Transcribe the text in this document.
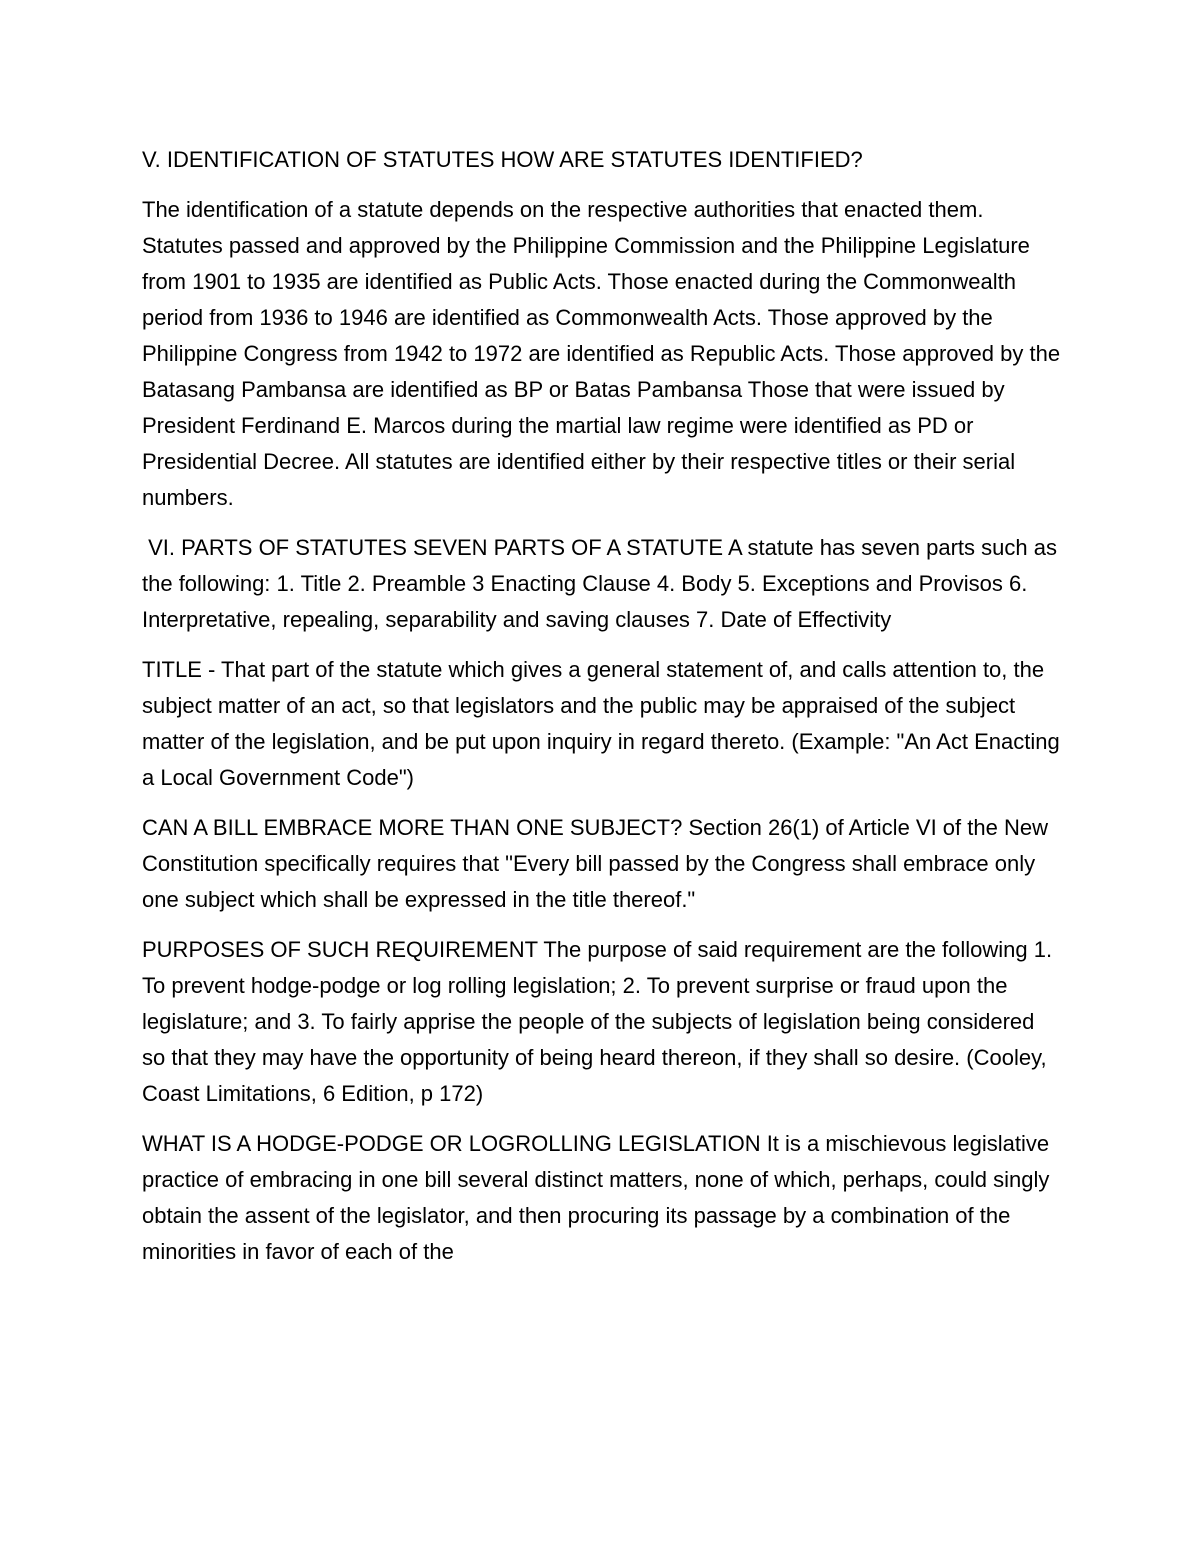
V. IDENTIFICATION OF STATUTES HOW ARE STATUTES IDENTIFIED?

The identification of a statute depends on the respective authorities that enacted them. Statutes passed and approved by the Philippine Commission and the Philippine Legislature from 1901 to 1935 are identified as Public Acts. Those enacted during the Commonwealth period from 1936 to 1946 are identified as Commonwealth Acts. Those approved by the Philippine Congress from 1942 to 1972 are identified as Republic Acts. Those approved by the Batasang Pambansa are identified as BP or Batas Pambansa Those that were issued by President Ferdinand E. Marcos during the martial law regime were identified as PD or Presidential Decree. All statutes are identified either by their respective titles or their serial numbers.

VI. PARTS OF STATUTES SEVEN PARTS OF A STATUTE A statute has seven parts such as the following: 1. Title 2. Preamble 3 Enacting Clause 4. Body 5. Exceptions and Provisos 6. Interpretative, repealing, separability and saving clauses 7. Date of Effectivity

TITLE - That part of the statute which gives a general statement of, and calls attention to, the subject matter of an act, so that legislators and the public may be appraised of the subject matter of the legislation, and be put upon inquiry in regard thereto. (Example: "An Act Enacting a Local Government Code")

CAN A BILL EMBRACE MORE THAN ONE SUBJECT? Section 26(1) of Article VI of the New Constitution specifically requires that "Every bill passed by the Congress shall embrace only one subject which shall be expressed in the title thereof."

PURPOSES OF SUCH REQUIREMENT The purpose of said requirement are the following 1. To prevent hodge-podge or log rolling legislation; 2. To prevent surprise or fraud upon the legislature; and 3. To fairly apprise the people of the subjects of legislation being considered so that they may have the opportunity of being heard thereon, if they shall so desire. (Cooley, Coast Limitations, 6 Edition, p 172)

WHAT IS A HODGE-PODGE OR LOGROLLING LEGISLATION It is a mischievous legislative practice of embracing in one bill several distinct matters, none of which, perhaps, could singly obtain the assent of the legislator, and then procuring its passage by a combination of the minorities in favor of each of the
